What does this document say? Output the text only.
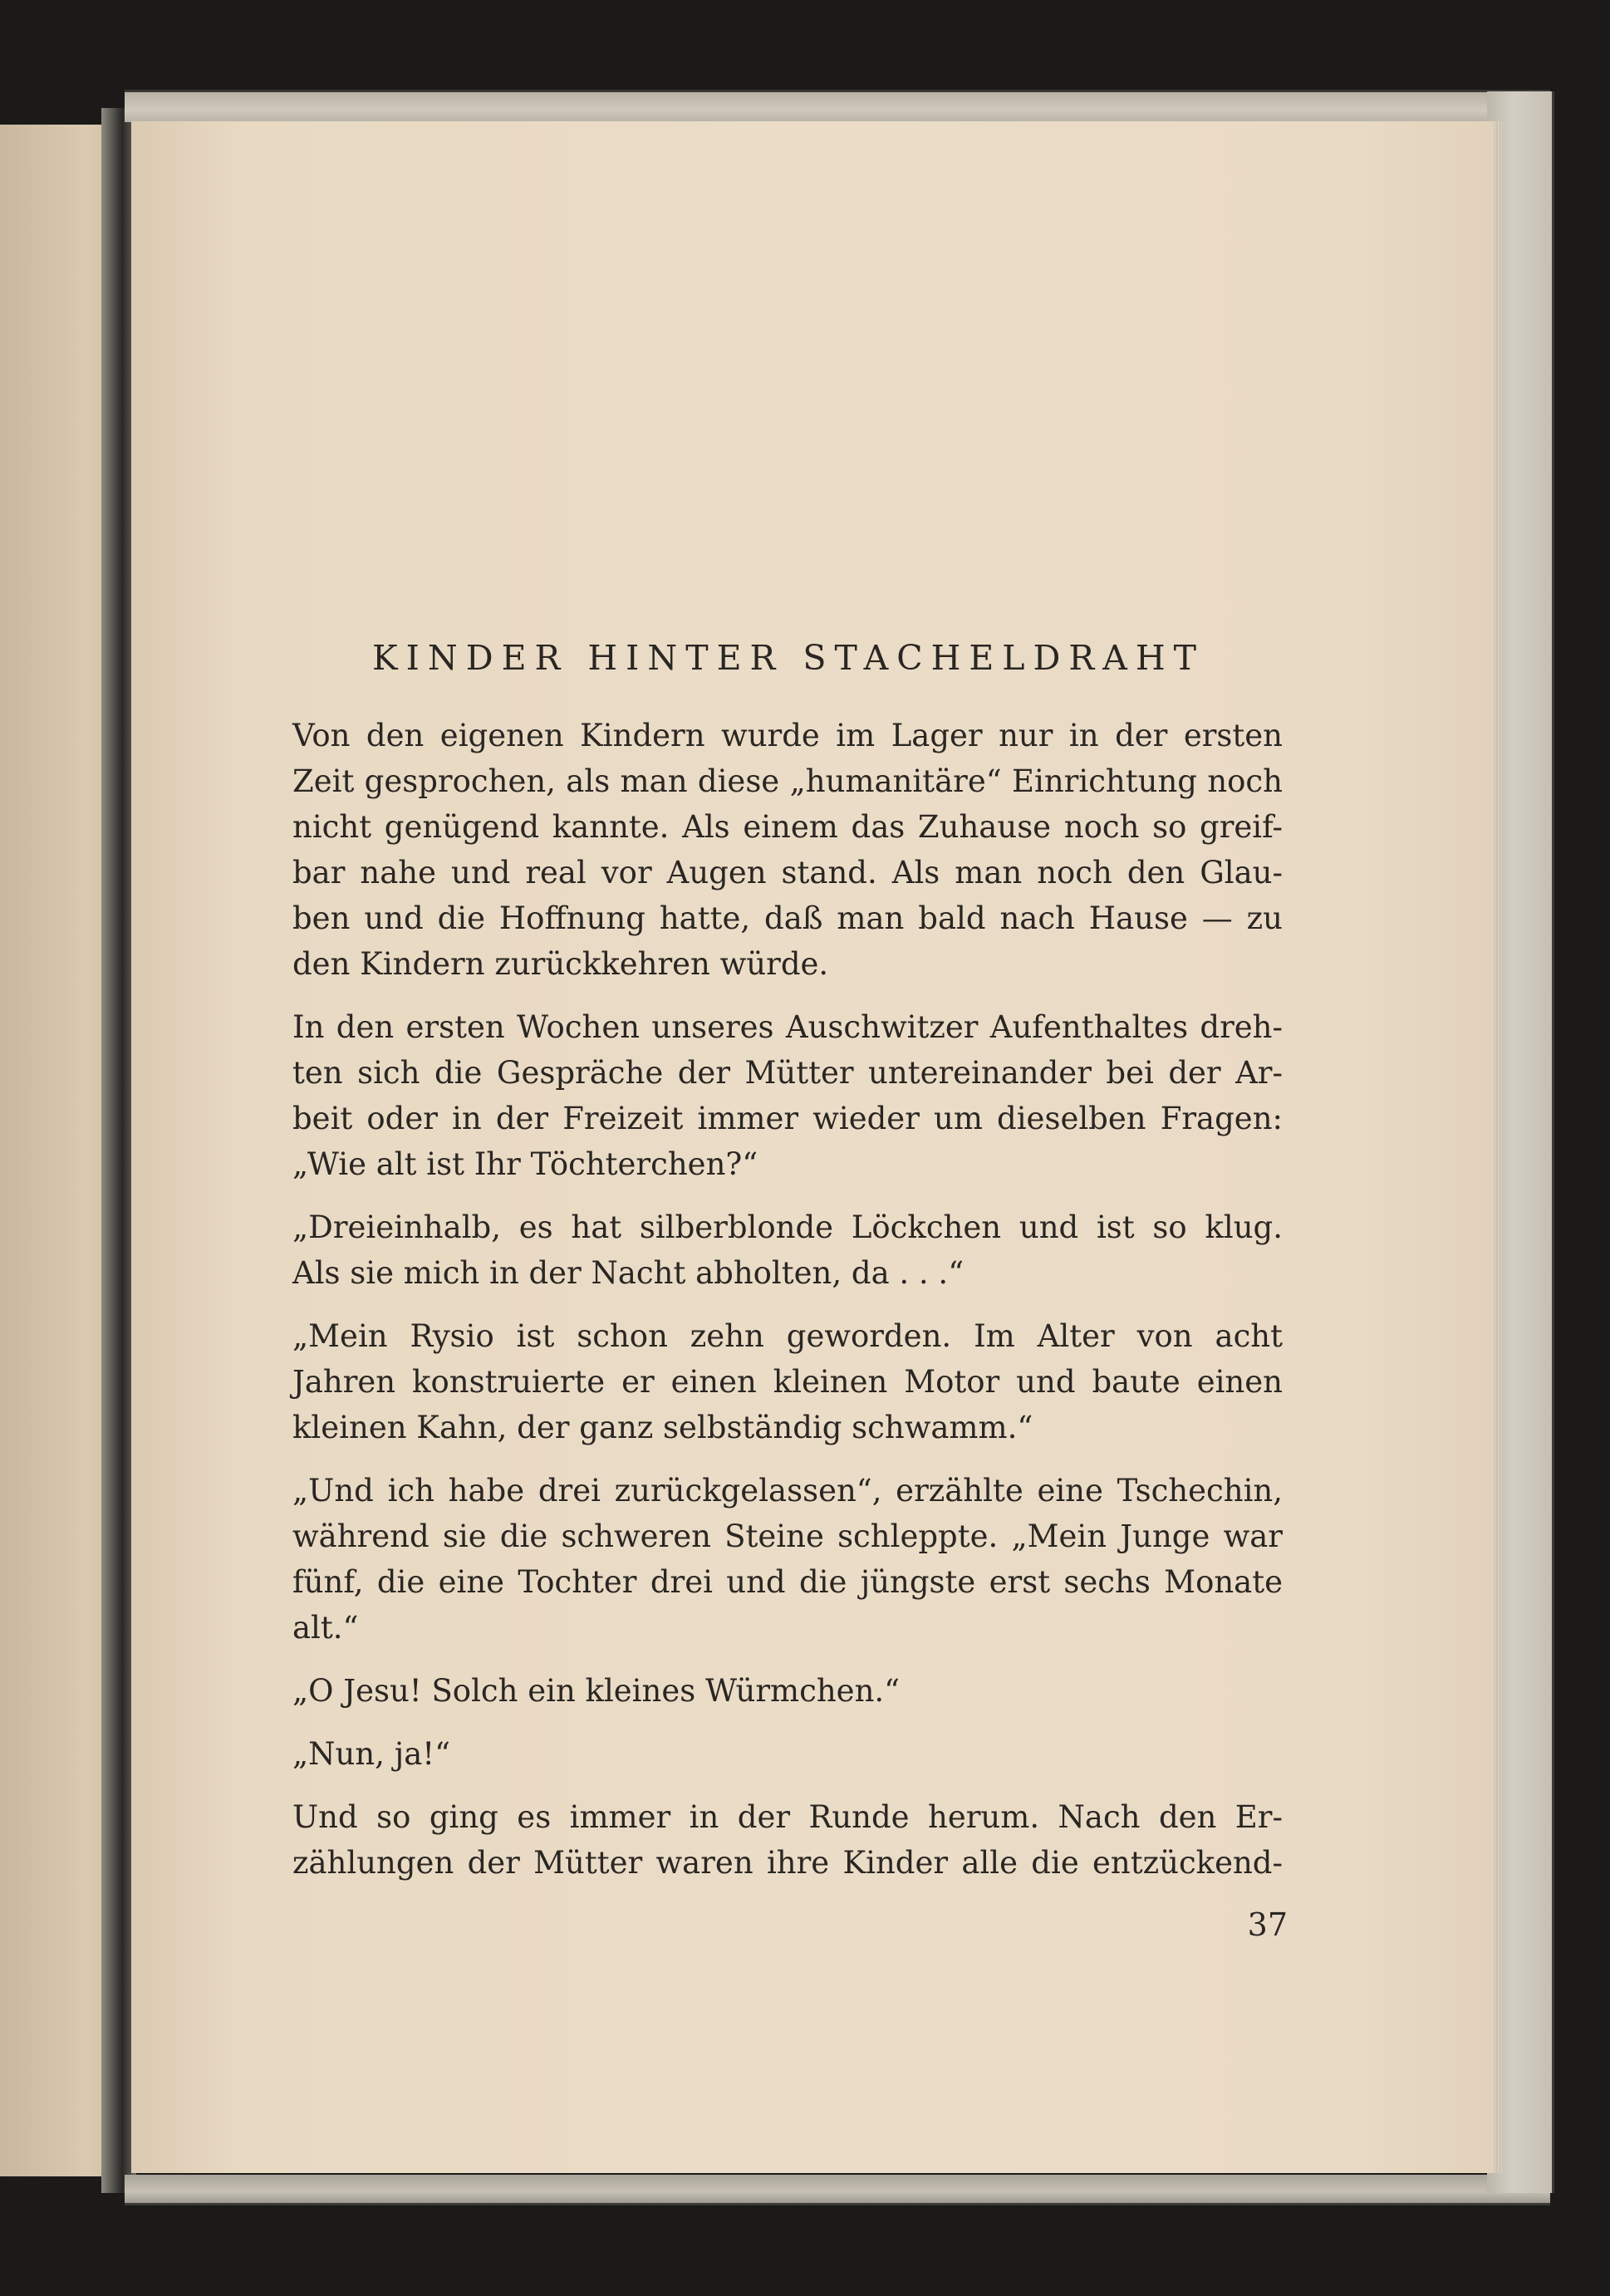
KINDER HINTER STACHELDRAHT

Von den eigenen Kindern wurde im Lager nur in der ersten
Zeit gesprochen, als man diese „humanitäre“ Einrichtung noch
nicht genügend kannte. Als einem das Zuhause noch so greif-
bar nahe und real vor Augen stand. Als man noch den Glau-
ben und die Hoffnung hatte, daß man bald nach Hause — zu
den Kindern zurückkehren würde.

In den ersten Wochen unseres Auschwitzer Aufenthaltes dreh-
ten sich die Gespräche der Mütter untereinander bei der Ar-
beit oder in der Freizeit immer wieder um dieselben Fragen:
„Wie alt ist Ihr Töchterchen?“

„Dreieinhalb, es hat silberblonde Löckchen und ist so klug.
Als sie mich in der Nacht abholten, da . . .“

„Mein Rysio ist schon zehn geworden. Im Alter von acht
Jahren konstruierte er einen kleinen Motor und baute einen
kleinen Kahn, der ganz selbständig schwamm.“

„Und ich habe drei zurückgelassen“, erzählte eine Tschechin,
während sie die schweren Steine schleppte. „Mein Junge war
fünf, die eine Tochter drei und die jüngste erst sechs Monate
alt.“

„O Jesu! Solch ein kleines Würmchen.“

„Nun, ja!“

Und so ging es immer in der Runde herum. Nach den Er-
zählungen der Mütter waren ihre Kinder alle die entzückend-

37
